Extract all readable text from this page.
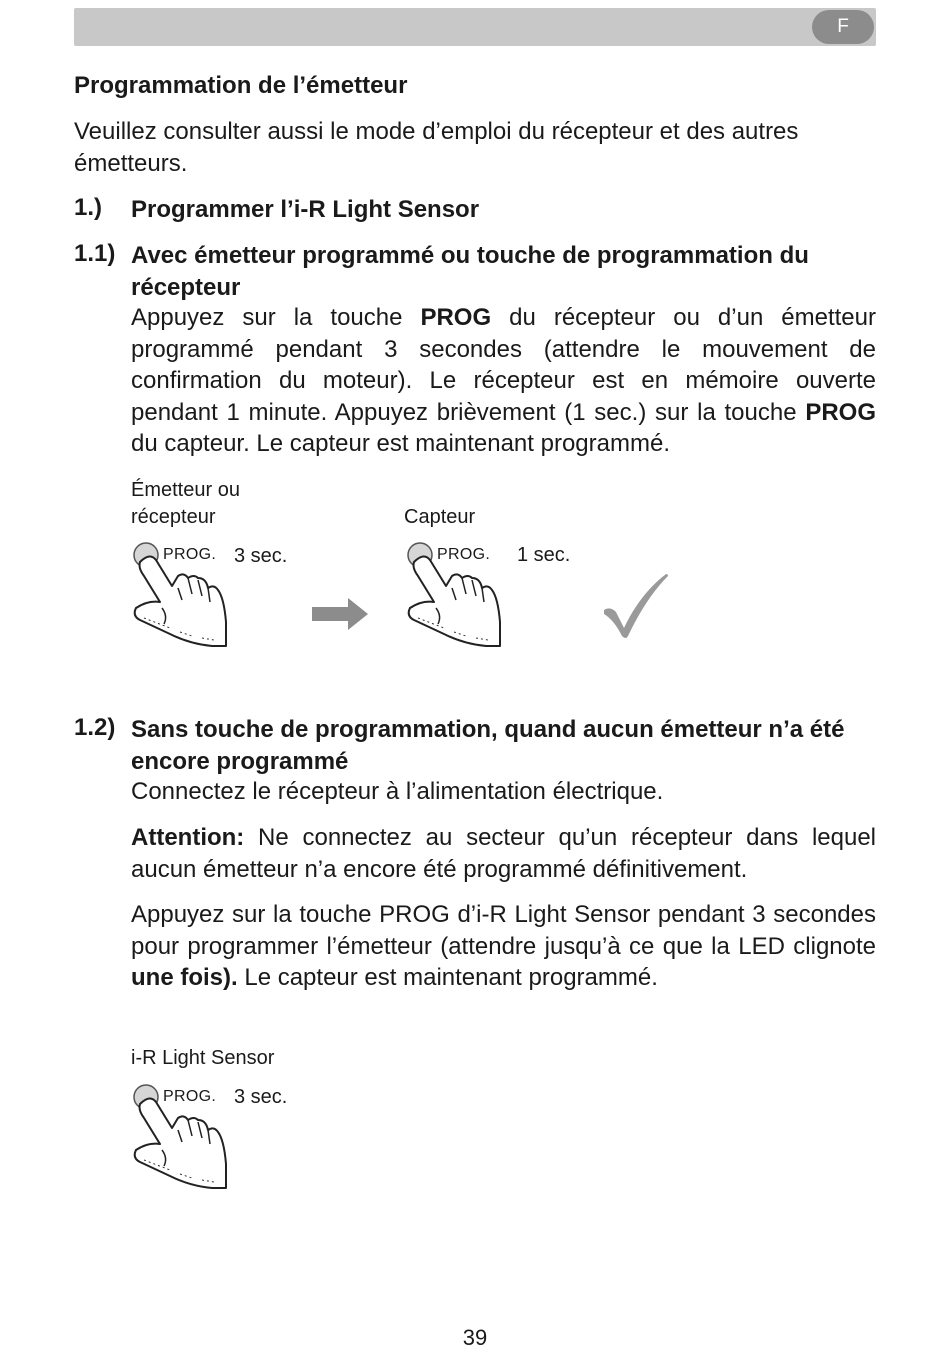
F
Programmation de l’émetteur
Veuillez consulter aussi le mode d’emploi du récepteur et des autres émetteurs.
1.) Programmer l’i-R Light Sensor
1.1) Avec émetteur programmé ou touche de programmation du récepteur
Appuyez sur la touche PROG du récepteur ou d’un émetteur programmé pendant 3 secondes (attendre le mouvement de confirmation du moteur). Le récepteur est en mémoire ouverte pendant 1 minute. Appuyez brièvement (1 sec.) sur la touche PROG du capteur. Le capteur est maintenant programmé.
Émetteur ou
récepteur	Capteur
PROG. 3 sec.	PROG. 1 sec.
1.2) Sans touche de programmation, quand aucun émetteur n’a été encore programmé
Connectez le récepteur à l’alimentation électrique.
Attention: Ne connectez au secteur qu’un récepteur dans lequel aucun émetteur n’a encore été programmé définitivement.
Appuyez sur la touche PROG d’i-R Light Sensor pendant 3 secondes pour programmer l’émetteur (attendre jusqu’à ce que la LED clignote une fois). Le capteur est maintenant programmé.
i-R Light Sensor
PROG. 3 sec.
39
